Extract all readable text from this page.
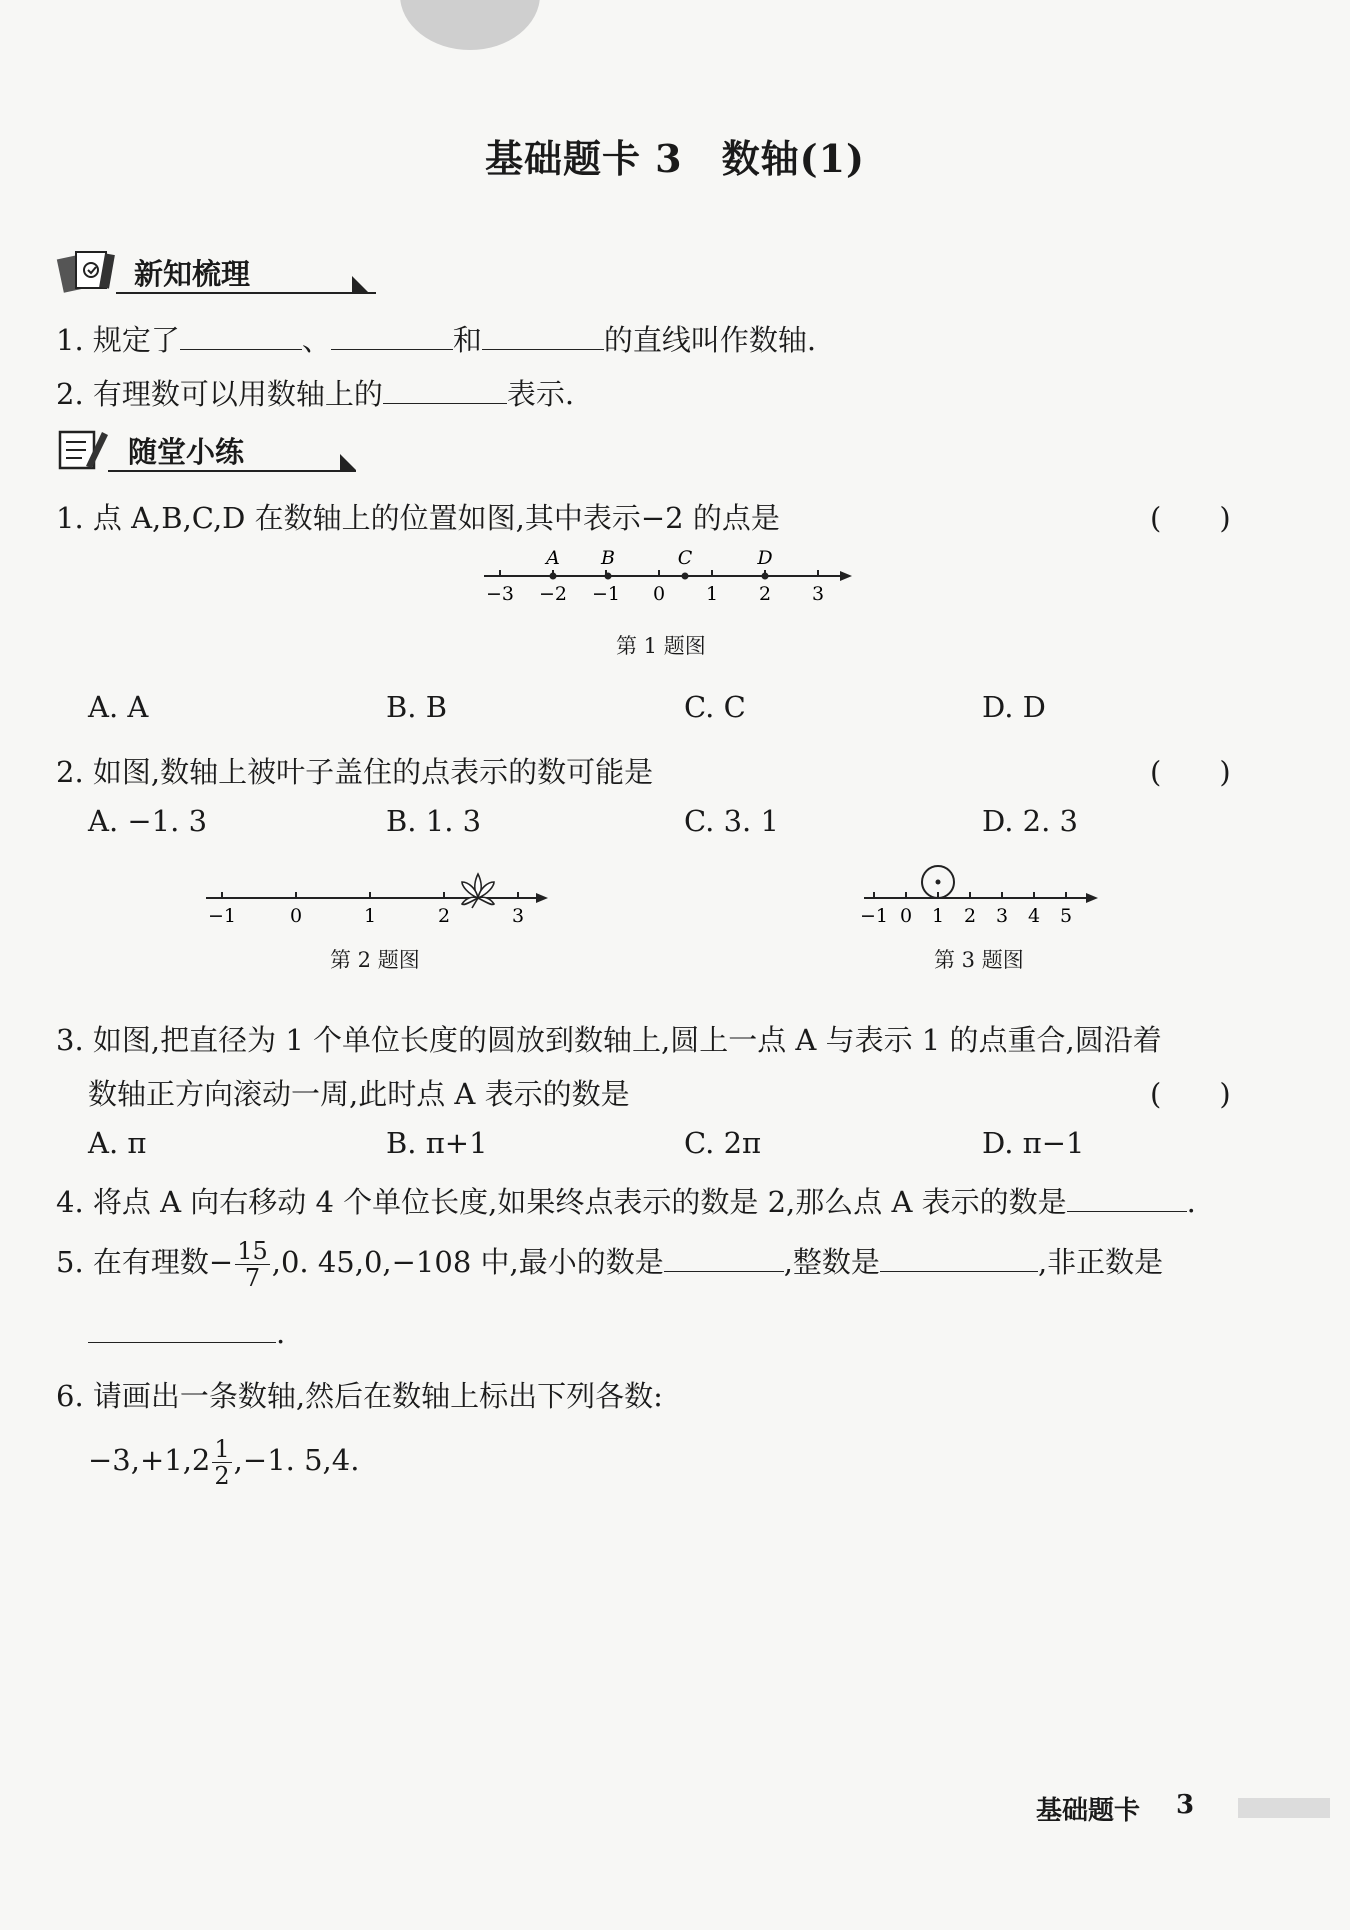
基础题卡 3　数轴(1)
新知梳理
1. 规定了	、	和	的直线叫作数轴.
2. 有理数可以用数轴上的	表示.
随堂小练
1. 点 A,B,C,D 在数轴上的位置如图,其中表示−2 的点是	(　　)
−3 −2 −1 0 1 2 3
A B	C	D
第 1 题图
A. A	B. B	C. C	D. D
2. 如图,数轴上被叶子盖住的点表示的数可能是	(　　)
A. −1. 3	B. 1. 3	C. 3. 1	D. 2. 3
−1	0	1	2	3
第 2 题图
−1 0 1 2 3 4 5
第 3 题图
3. 如图,把直径为 1 个单位长度的圆放到数轴上,圆上一点 A 与表示 1 的点重合,圆沿着
数轴正方向滚动一周,此时点 A 表示的数是	(　　)
A. π	B. π+1	C. 2π	D. π−1
4. 将点 A 向右移动 4 个单位长度,如果终点表示的数是 2,那么点 A 表示的数是	.
5. 在有理数− $\frac{15}{7} ,0$. 45,0,−108 中,最小的数是	,整数是	,非正数是
.
6. 请画出一条数轴,然后在数轴上标出下列各数:
$-3,+1,2 \frac{1}{2} ,-1$. 5,4.
基础题卡 3
